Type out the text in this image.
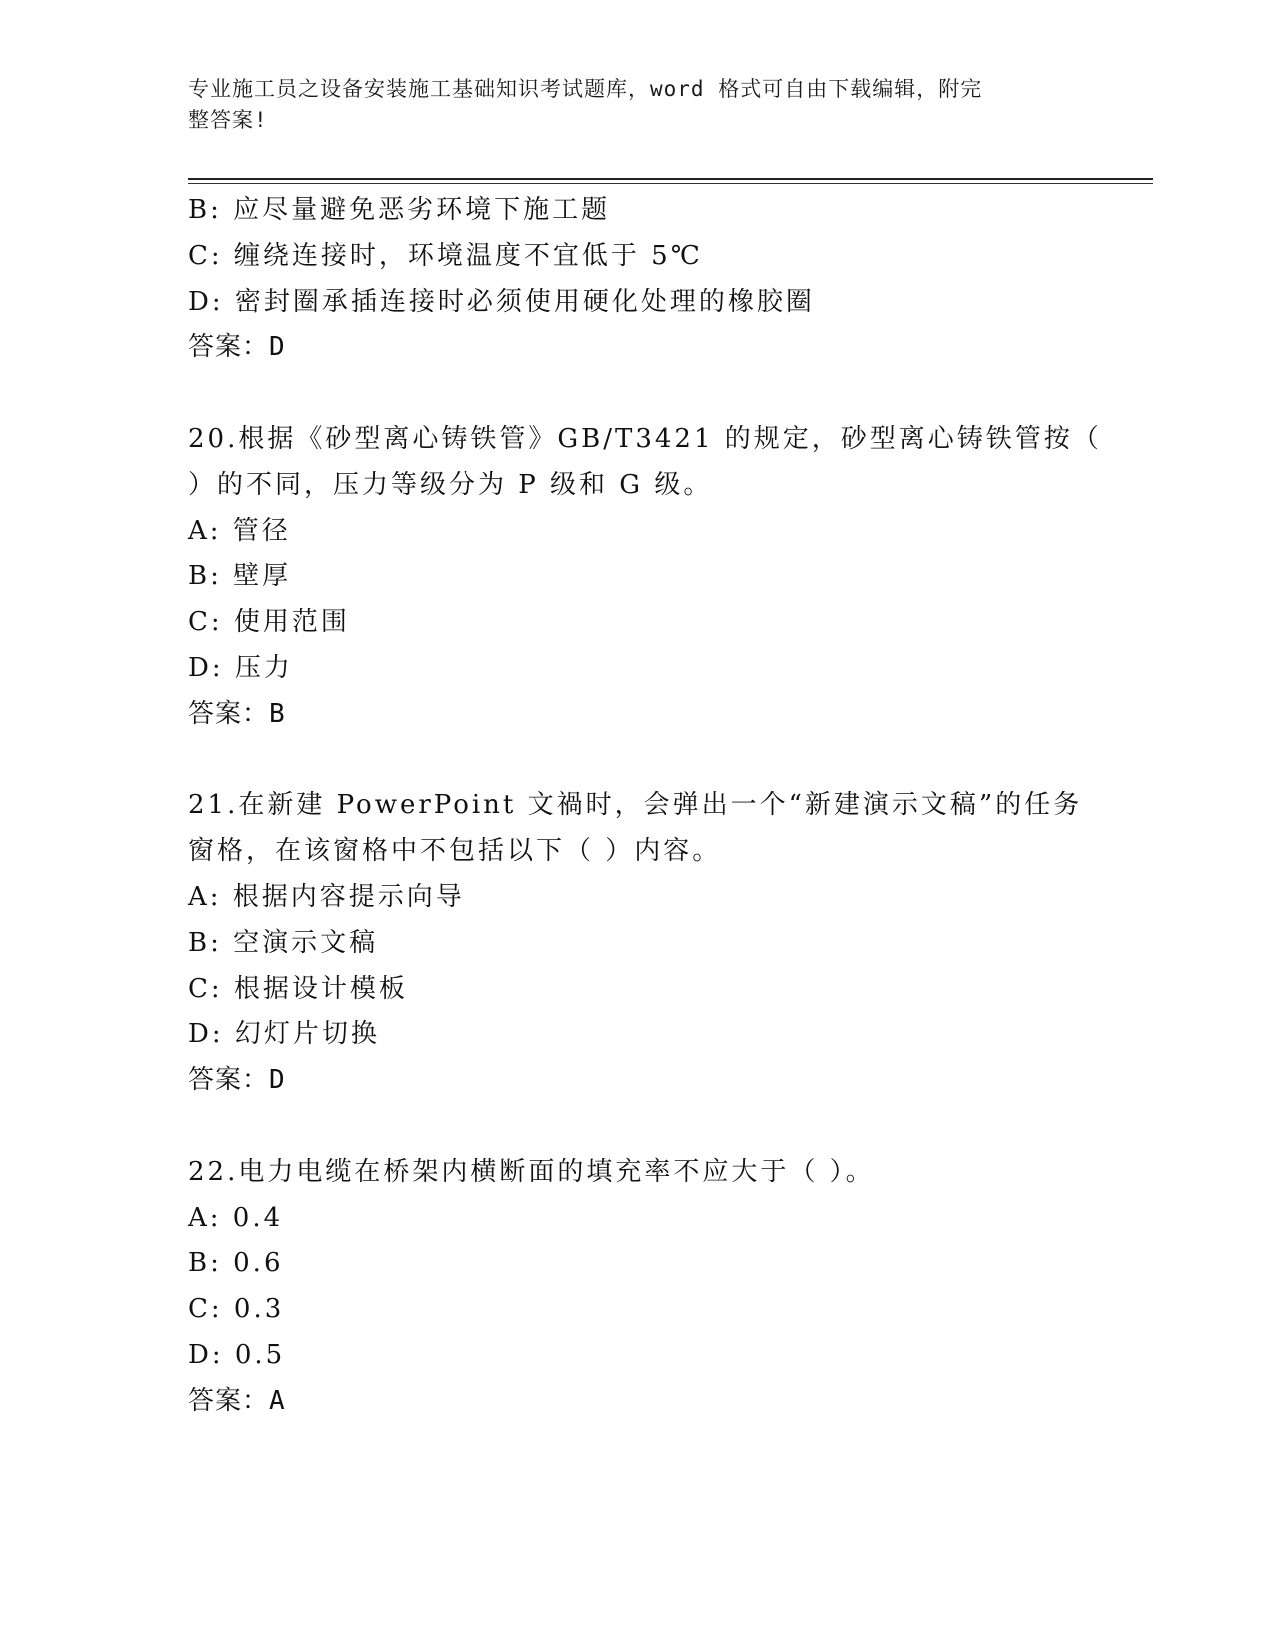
专业施工员之设备安装施工基础知识考试题库，word 格式可自由下载编辑，附完
整答案!
B: 应尽量避免恶劣环境下施工题
C: 缠绕连接时，环境温度不宜低于 5℃
D: 密封圈承插连接时必须使用硬化处理的橡胶圈
答案：D
20.根据《砂型离心铸铁管》GB/T3421 的规定，砂型离心铸铁管按（
）的不同，压力等级分为 P 级和 G 级。
A: 管径
B: 壁厚
C: 使用范围
D: 压力
答案：B
21.在新建 PowerPoint 文禍时，会弹出一个“新建演示文稿”的任务
窗格，在该窗格中不包括以下（ ）内容。
A: 根据内容提示向导
B: 空演示文稿
C: 根据设计模板
D: 幻灯片切换
答案：D
22.电力电缆在桥架内横断面的填充率不应大于（ ）。
A: 0.4
B: 0.6
C: 0.3
D: 0.5
答案：A
